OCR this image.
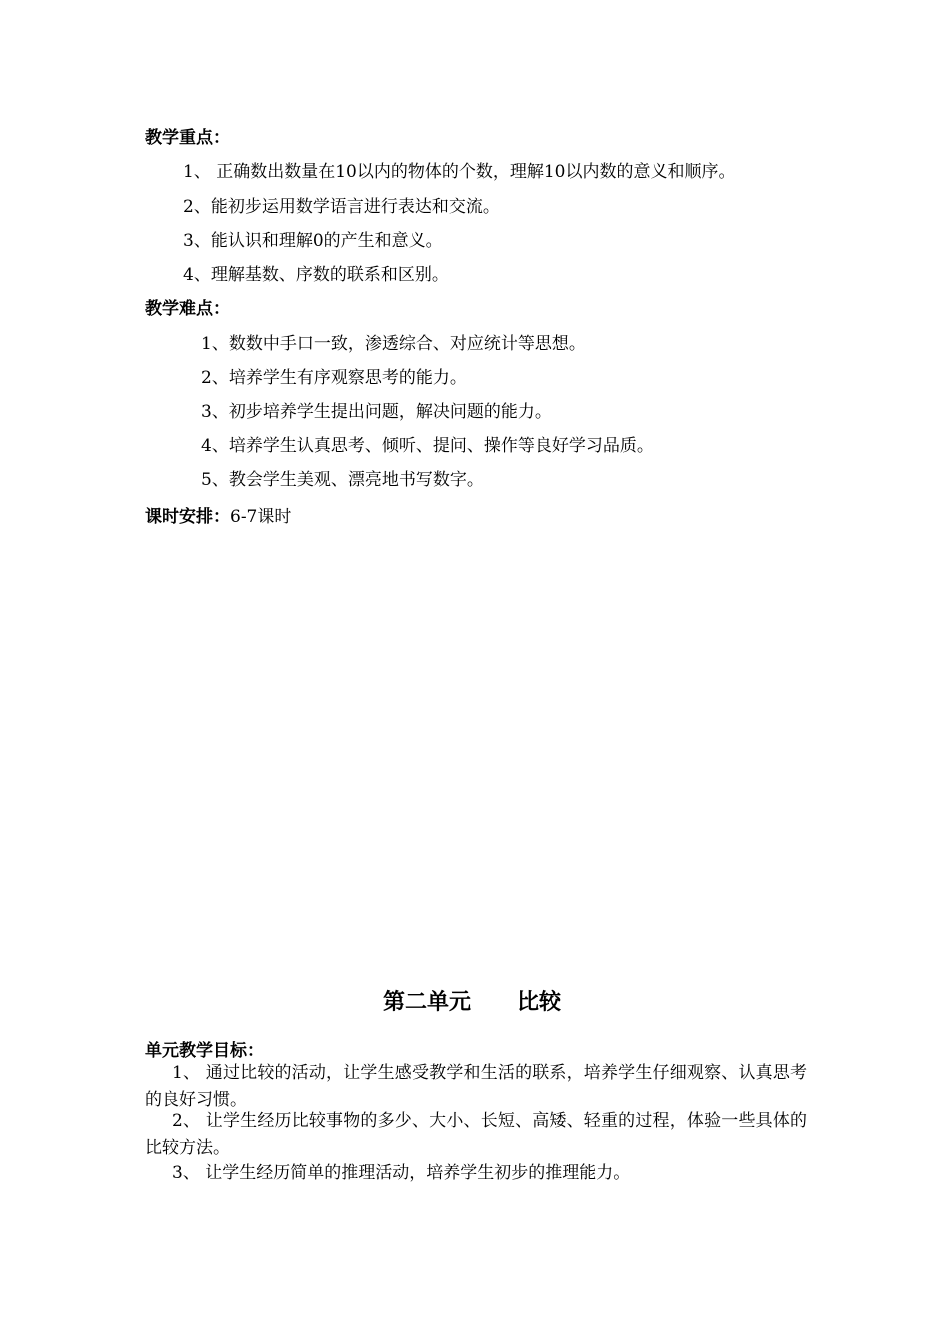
教学重点：
1、 正确数出数量在10以内的物体的个数，理解10以内数的意义和顺序。
2、能初步运用数学语言进行表达和交流。
3、能认识和理解0的产生和意义。
4、理解基数、序数的联系和区别。
教学难点：
1、数数中手口一致，渗透综合、对应统计等思想。
2、培养学生有序观察思考的能力。
3、初步培养学生提出问题，解决问题的能力。
4、培养学生认真思考、倾听、提问、操作等良好学习品质。
5、教会学生美观、漂亮地书写数字。
课时安排：6-7课时
第二单元      比较
单元教学目标：
1、 通过比较的活动，让学生感受教学和生活的联系，培养学生仔细观察、认真思考的良好习惯。
2、 让学生经历比较事物的多少、大小、长短、高矮、轻重的过程，体验一些具体的比较方法。
3、 让学生经历简单的推理活动，培养学生初步的推理能力。
